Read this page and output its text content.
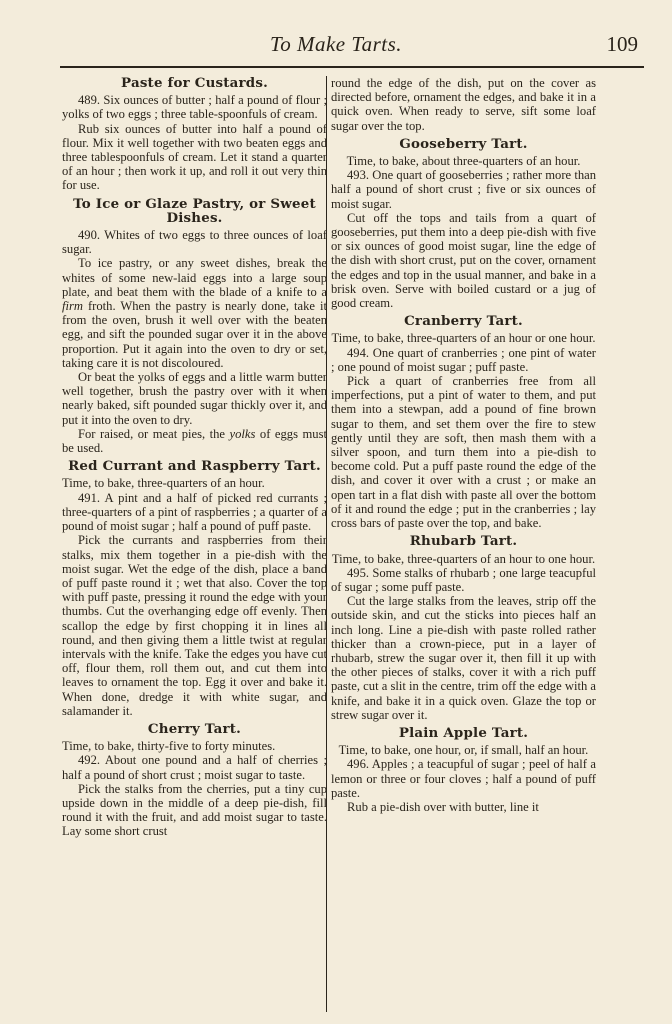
To Make Tarts.	109
Paste for Custards.

489. Six ounces of butter ; half a pound of flour ; yolks of two eggs ; three table-spoonfuls of cream.

Rub six ounces of butter into half a pound of flour. Mix it well together with two beaten eggs and three tablespoonfuls of cream. Let it stand a quarter of an hour ; then work it up, and roll it out very thin for use.

To Ice or Glaze Pastry, or Sweet Dishes.

490. Whites of two eggs to three ounces of loaf sugar.

To ice pastry, or any sweet dishes, break the whites of some new-laid eggs into a large soup plate, and beat them with the blade of a knife to a firm froth. When the pastry is nearly done, take it from the oven, brush it well over with the beaten egg, and sift the pounded sugar over it in the above proportion. Put it again into the oven to dry or set, taking care it is not discoloured.

Or beat the yolks of eggs and a little warm butter well together, brush the pastry over with it when nearly baked, sift pounded sugar thickly over it, and put it into the oven to dry.

For raised, or meat pies, the yolks of eggs must be used.

Red Currant and Raspberry Tart.

Time, to bake, three-quarters of an hour.

491. A pint and a half of picked red currants ; three-quarters of a pint of raspberries ; a quarter of a pound of moist sugar ; half a pound of puff paste.

Pick the currants and raspberries from their stalks, mix them together in a pie-dish with the moist sugar. Wet the edge of the dish, place a band of puff paste round it ; wet that also. Cover the top with puff paste, pressing it round the edge with your thumbs. Cut the overhanging edge off evenly. Then scallop the edge by first chopping it in lines all round, and then giving them a little twist at regular intervals with the knife. Take the edges you have cut off, flour them, roll them out, and cut them into leaves to ornament the top. Egg it over and bake it. When done, dredge it with white sugar, and salamander it.

Cherry Tart.

Time, to bake, thirty-five to forty minutes.

492. About one pound and a half of cherries ; half a pound of short crust ; moist sugar to taste.

Pick the stalks from the cherries, put a tiny cup upside down in the middle of a deep pie-dish, fill round it with the fruit, and add moist sugar to taste. Lay some short crust

round the edge of the dish, put on the cover as directed before, ornament the edges, and bake it in a quick oven. When ready to serve, sift some loaf sugar over the top.

Gooseberry Tart.

Time, to bake, about three-quarters of an hour.

493. One quart of gooseberries ; rather more than half a pound of short crust ; five or six ounces of moist sugar.

Cut off the tops and tails from a quart of gooseberries, put them into a deep pie-dish with five or six ounces of good moist sugar, line the edge of the dish with short crust, put on the cover, ornament the edges and top in the usual manner, and bake in a brisk oven. Serve with boiled custard or a jug of good cream.

Cranberry Tart.

Time, to bake, three-quarters of an hour or one hour.

494. One quart of cranberries ; one pint of water ; one pound of moist sugar ; puff paste.

Pick a quart of cranberries free from all imperfections, put a pint of water to them, and put them into a stewpan, add a pound of fine brown sugar to them, and set them over the fire to stew gently until they are soft, then mash them with a silver spoon, and turn them into a pie-dish to become cold. Put a puff paste round the edge of the dish, and cover it over with a crust ; or make an open tart in a flat dish with paste all over the bottom of it and round the edge ; put in the cranberries ; lay cross bars of paste over the top, and bake.

Rhubarb Tart.

Time, to bake, three-quarters of an hour to one hour.

495. Some stalks of rhubarb ; one large teacupful of sugar ; some puff paste.

Cut the large stalks from the leaves, strip off the outside skin, and cut the sticks into pieces half an inch long. Line a pie-dish with paste rolled rather thicker than a crown-piece, put in a layer of rhubarb, strew the sugar over it, then fill it up with the other pieces of stalks, cover it with a rich puff paste, cut a slit in the centre, trim off the edge with a knife, and bake it in a quick oven. Glaze the top or strew sugar over it.

Plain Apple Tart.

Time, to bake, one hour, or, if small, half an hour.

496. Apples ; a teacupful of sugar ; peel of half a lemon or three or four cloves ; half a pound of puff paste.

Rub a pie-dish over with butter, line it
